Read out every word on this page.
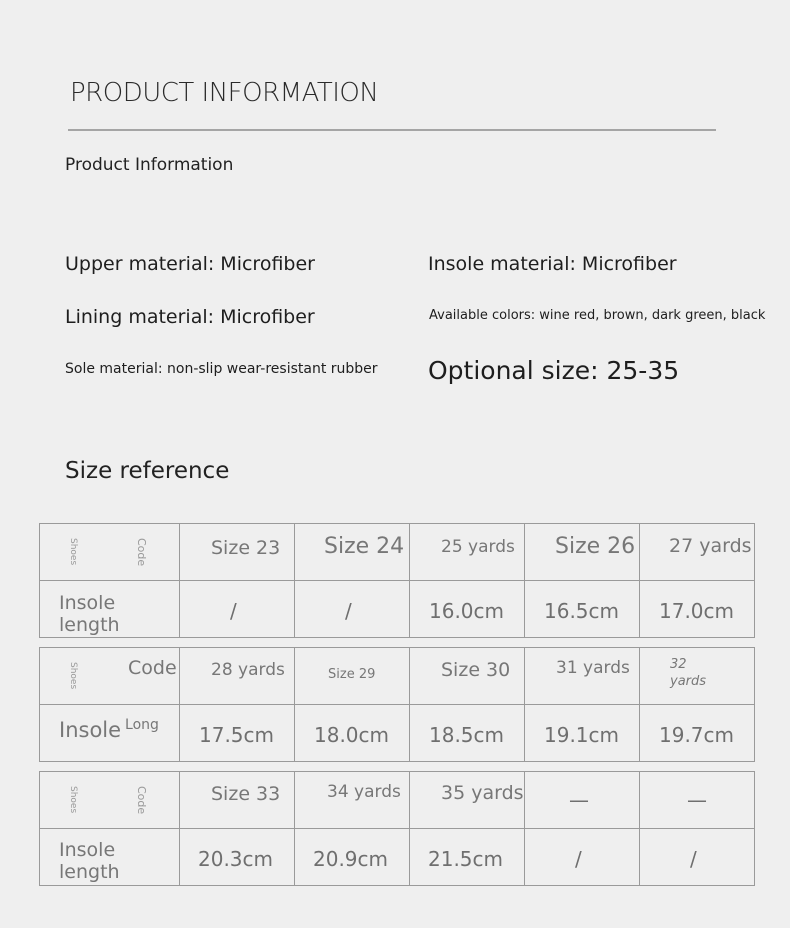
PRODUCT INFORMATION
Product Information
Upper material: Microfiber	Insole material: Microfiber
Lining material: Microfiber	Available colors: wine red, brown, dark green, black
Sole material: non-slip wear-resistant rubber Optional size: 25-35
Size reference
Shoes Code	Size 23	Size 24	25 yards	Size 26	27 yards

Insole length	/	/	16.0cm	16.5cm	17.0cm
Shoes Code	28 yards	Size 29	Size 30	31 yards	32 yards

Insole $^{Long}$	17.5cm	18.0cm	18.5cm	19.1cm	19.7cm
Shoes Code	Size 33	34 yards	35 yards	—	—

Insole length	20.3cm	20.9cm	21.5cm	/	/
